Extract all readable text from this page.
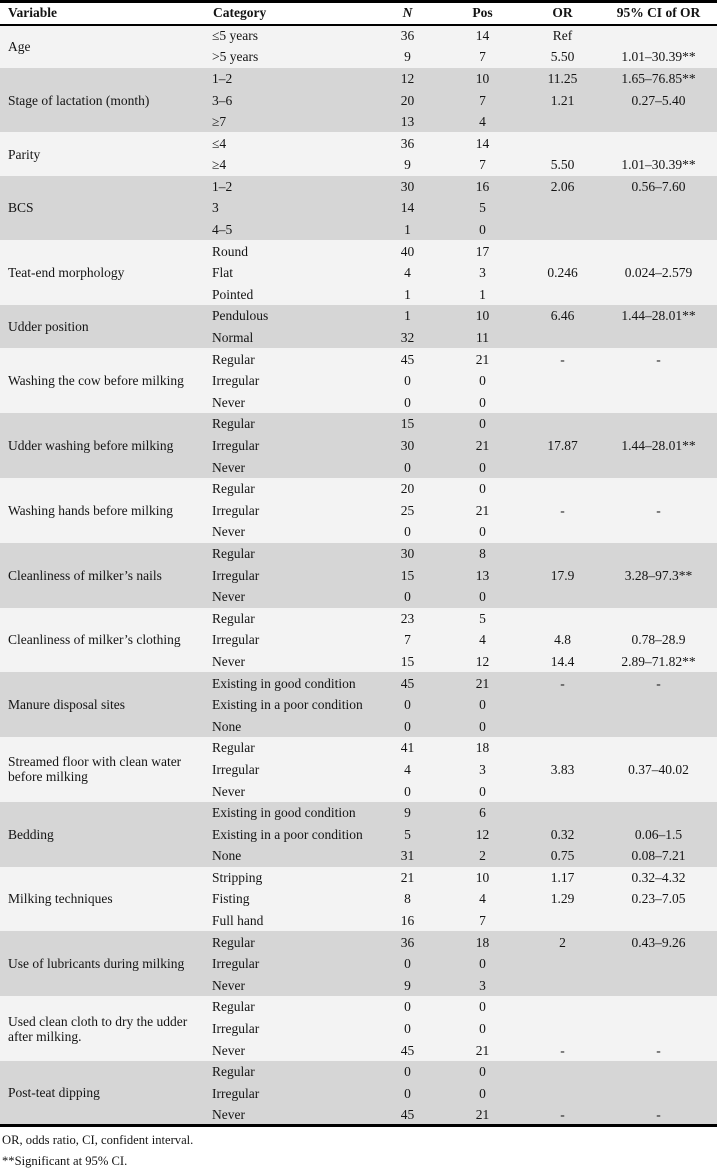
Variable	Category	N	Pos	OR	95% CI of OR
Age	≤5 years	36	14	Ref	
	>5 years	9	7	5.50	1.01–30.39**
Stage of lactation (month)	1–2	12	10	11.25	1.65–76.85**
	3–6	20	7	1.21	0.27–5.40
	≥7	13	4		
Parity	≤4	36	14		
	≥4	9	7	5.50	1.01–30.39**
BCS	1–2	30	16	2.06	0.56–7.60
	3	14	5		
	4–5	1	0		
Teat-end morphology	Round	40	17		
	Flat	4	3	0.246	0.024–2.579
	Pointed	1	1		
Udder position	Pendulous	1	10	6.46	1.44–28.01**
	Normal	32	11		
Washing the cow before milking	Regular	45	21	-	-
	Irregular	0	0		
	Never	0	0		
Udder washing before milking	Regular	15	0		
	Irregular	30	21	17.87	1.44–28.01**
	Never	0	0		
Washing hands before milking	Regular	20	0		
	Irregular	25	21	-	-
	Never	0	0		
Cleanliness of milker’s nails	Regular	30	8		
	Irregular	15	13	17.9	3.28–97.3**
	Never	0	0		
Cleanliness of milker’s clothing	Regular	23	5		
	Irregular	7	4	4.8	0.78–28.9
	Never	15	12	14.4	2.89–71.82**
Manure disposal sites	Existing in good condition	45	21	-	-
	Existing in a poor condition	0	0		
	None	0	0		
Streamed floor with clean water before milking	Regular	41	18		
	Irregular	4	3	3.83	0.37–40.02
	Never	0	0		
Bedding	Existing in good condition	9	6		
	Existing in a poor condition	5	12	0.32	0.06–1.5
	None	31	2	0.75	0.08–7.21
Milking techniques	Stripping	21	10	1.17	0.32–4.32
	Fisting	8	4	1.29	0.23–7.05
	Full hand	16	7		
Use of lubricants during milking	Regular	36	18	2	0.43–9.26
	Irregular	0	0		
	Never	9	3		
Used clean cloth to dry the udder after milking.	Regular	0	0		
	Irregular	0	0		
	Never	45	21	-	-
Post-teat dipping	Regular	0	0		
	Irregular	0	0		
	Never	45	21	-	-

OR, odds ratio, CI, confident interval.

**Significant at 95% CI.
